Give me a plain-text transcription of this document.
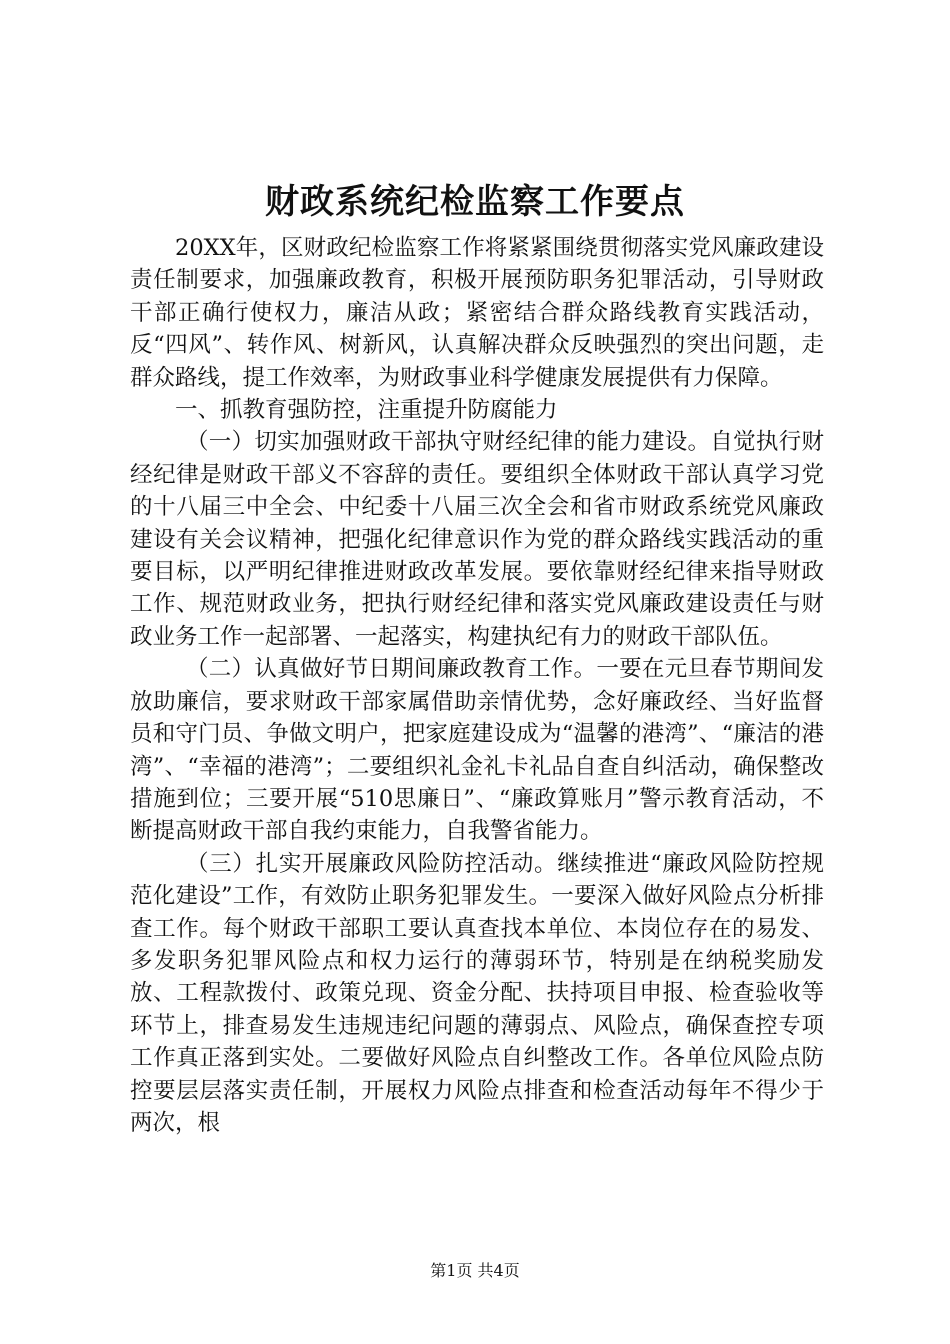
财政系统纪检监察工作要点

20XX年，区财政纪检监察工作将紧紧围绕贯彻落实党风廉政建设责任制要求，加强廉政教育，积极开展预防职务犯罪活动，引导财政干部正确行使权力，廉洁从政；紧密结合群众路线教育实践活动，反“四风”、转作风、树新风，认真解决群众反映强烈的突出问题，走群众路线，提工作效率，为财政事业科学健康发展提供有力保障。

一、抓教育强防控，注重提升防腐能力

（一）切实加强财政干部执守财经纪律的能力建设。自觉执行财经纪律是财政干部义不容辞的责任。要组织全体财政干部认真学习党的十八届三中全会、中纪委十八届三次全会和省市财政系统党风廉政建设有关会议精神，把强化纪律意识作为党的群众路线实践活动的重要目标，以严明纪律推进财政改革发展。要依靠财经纪律来指导财政工作、规范财政业务，把执行财经纪律和落实党风廉政建设责任与财政业务工作一起部署、一起落实，构建执纪有力的财政干部队伍。

（二）认真做好节日期间廉政教育工作。一要在元旦春节期间发放助廉信，要求财政干部家属借助亲情优势，念好廉政经、当好监督员和守门员、争做文明户，把家庭建设成为“温馨的港湾”、“廉洁的港湾”、“幸福的港湾”；二要组织礼金礼卡礼品自查自纠活动，确保整改措施到位；三要开展“510思廉日”、“廉政算账月”警示教育活动，不断提高财政干部自我约束能力，自我警省能力。

（三）扎实开展廉政风险防控活动。继续推进“廉政风险防控规范化建设”工作，有效防止职务犯罪发生。一要深入做好风险点分析排查工作。每个财政干部职工要认真查找本单位、本岗位存在的易发、多发职务犯罪风险点和权力运行的薄弱环节，特别是在纳税奖励发放、工程款拨付、政策兑现、资金分配、扶持项目申报、检查验收等环节上，排查易发生违规违纪问题的薄弱点、风险点，确保查控专项工作真正落到实处。二要做好风险点自纠整改工作。各单位风险点防控要层层落实责任制，开展权力风险点排查和检查活动每年不得少于两次，根

第1页 共4页
